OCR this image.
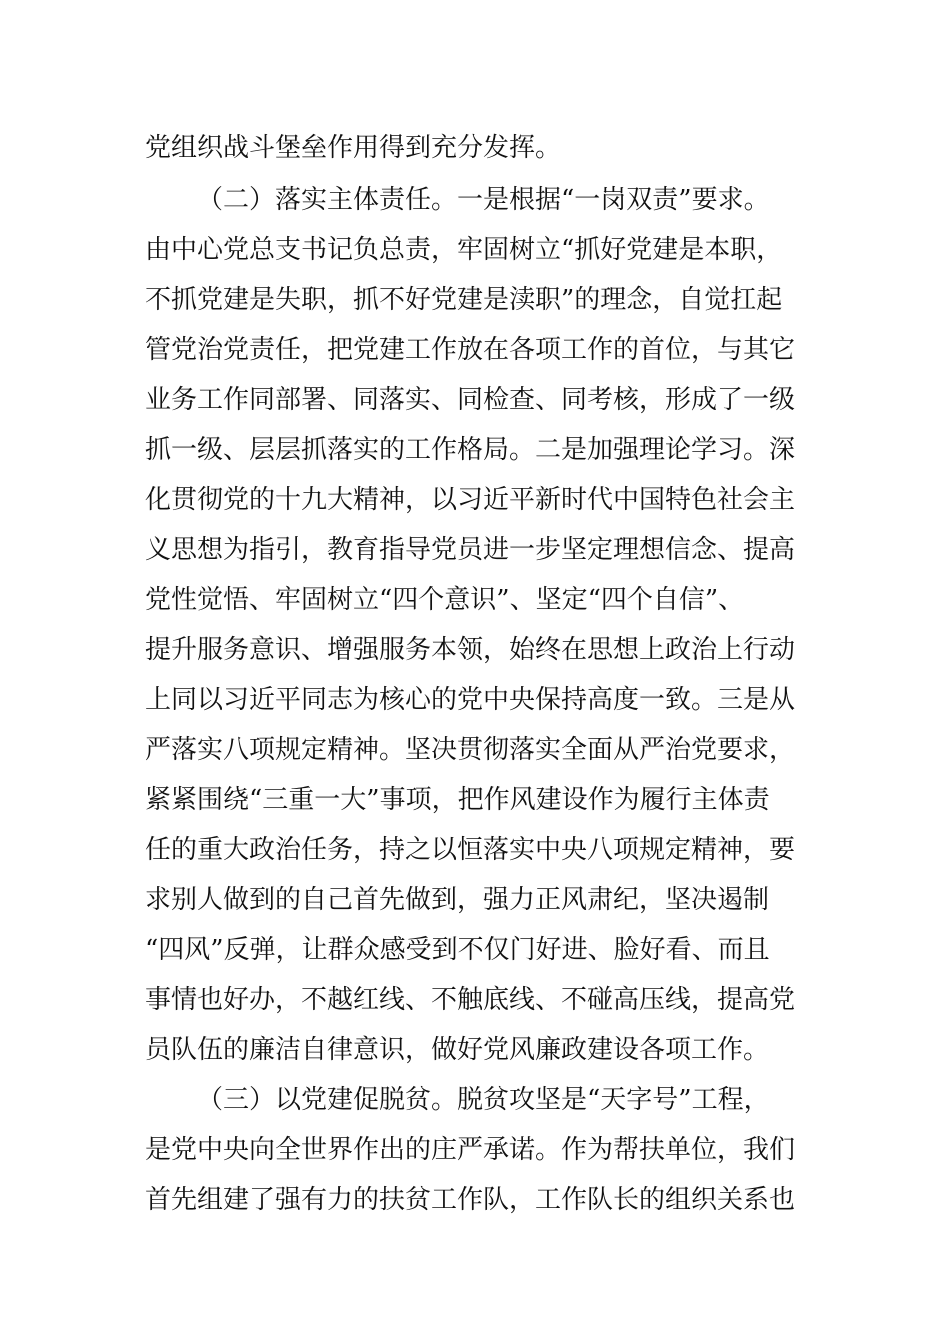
党组织战斗堡垒作用得到充分发挥。
（二）落实主体责任。一是根据“一岗双责”要求。
由中心党总支书记负总责，牢固树立“抓好党建是本职，
不抓党建是失职，抓不好党建是渎职”的理念，自觉扛起
管党治党责任，把党建工作放在各项工作的首位，与其它
业务工作同部署、同落实、同检查、同考核，形成了一级
抓一级、层层抓落实的工作格局。二是加强理论学习。深
化贯彻党的十九大精神，以习近平新时代中国特色社会主
义思想为指引，教育指导党员进一步坚定理想信念、提高
党性觉悟、牢固树立“四个意识”、坚定“四个自信”、
提升服务意识、增强服务本领，始终在思想上政治上行动
上同以习近平同志为核心的党中央保持高度一致。三是从
严落实八项规定精神。坚决贯彻落实全面从严治党要求，
紧紧围绕“三重一大”事项，把作风建设作为履行主体责
任的重大政治任务，持之以恒落实中央八项规定精神，要
求别人做到的自己首先做到，强力正风肃纪，坚决遏制
“四风”反弹，让群众感受到不仅门好进、脸好看、而且
事情也好办，不越红线、不触底线、不碰高压线，提高党
员队伍的廉洁自律意识，做好党风廉政建设各项工作。
（三）以党建促脱贫。脱贫攻坚是“天字号”工程，
是党中央向全世界作出的庄严承诺。作为帮扶单位，我们
首先组建了强有力的扶贫工作队，工作队长的组织关系也
